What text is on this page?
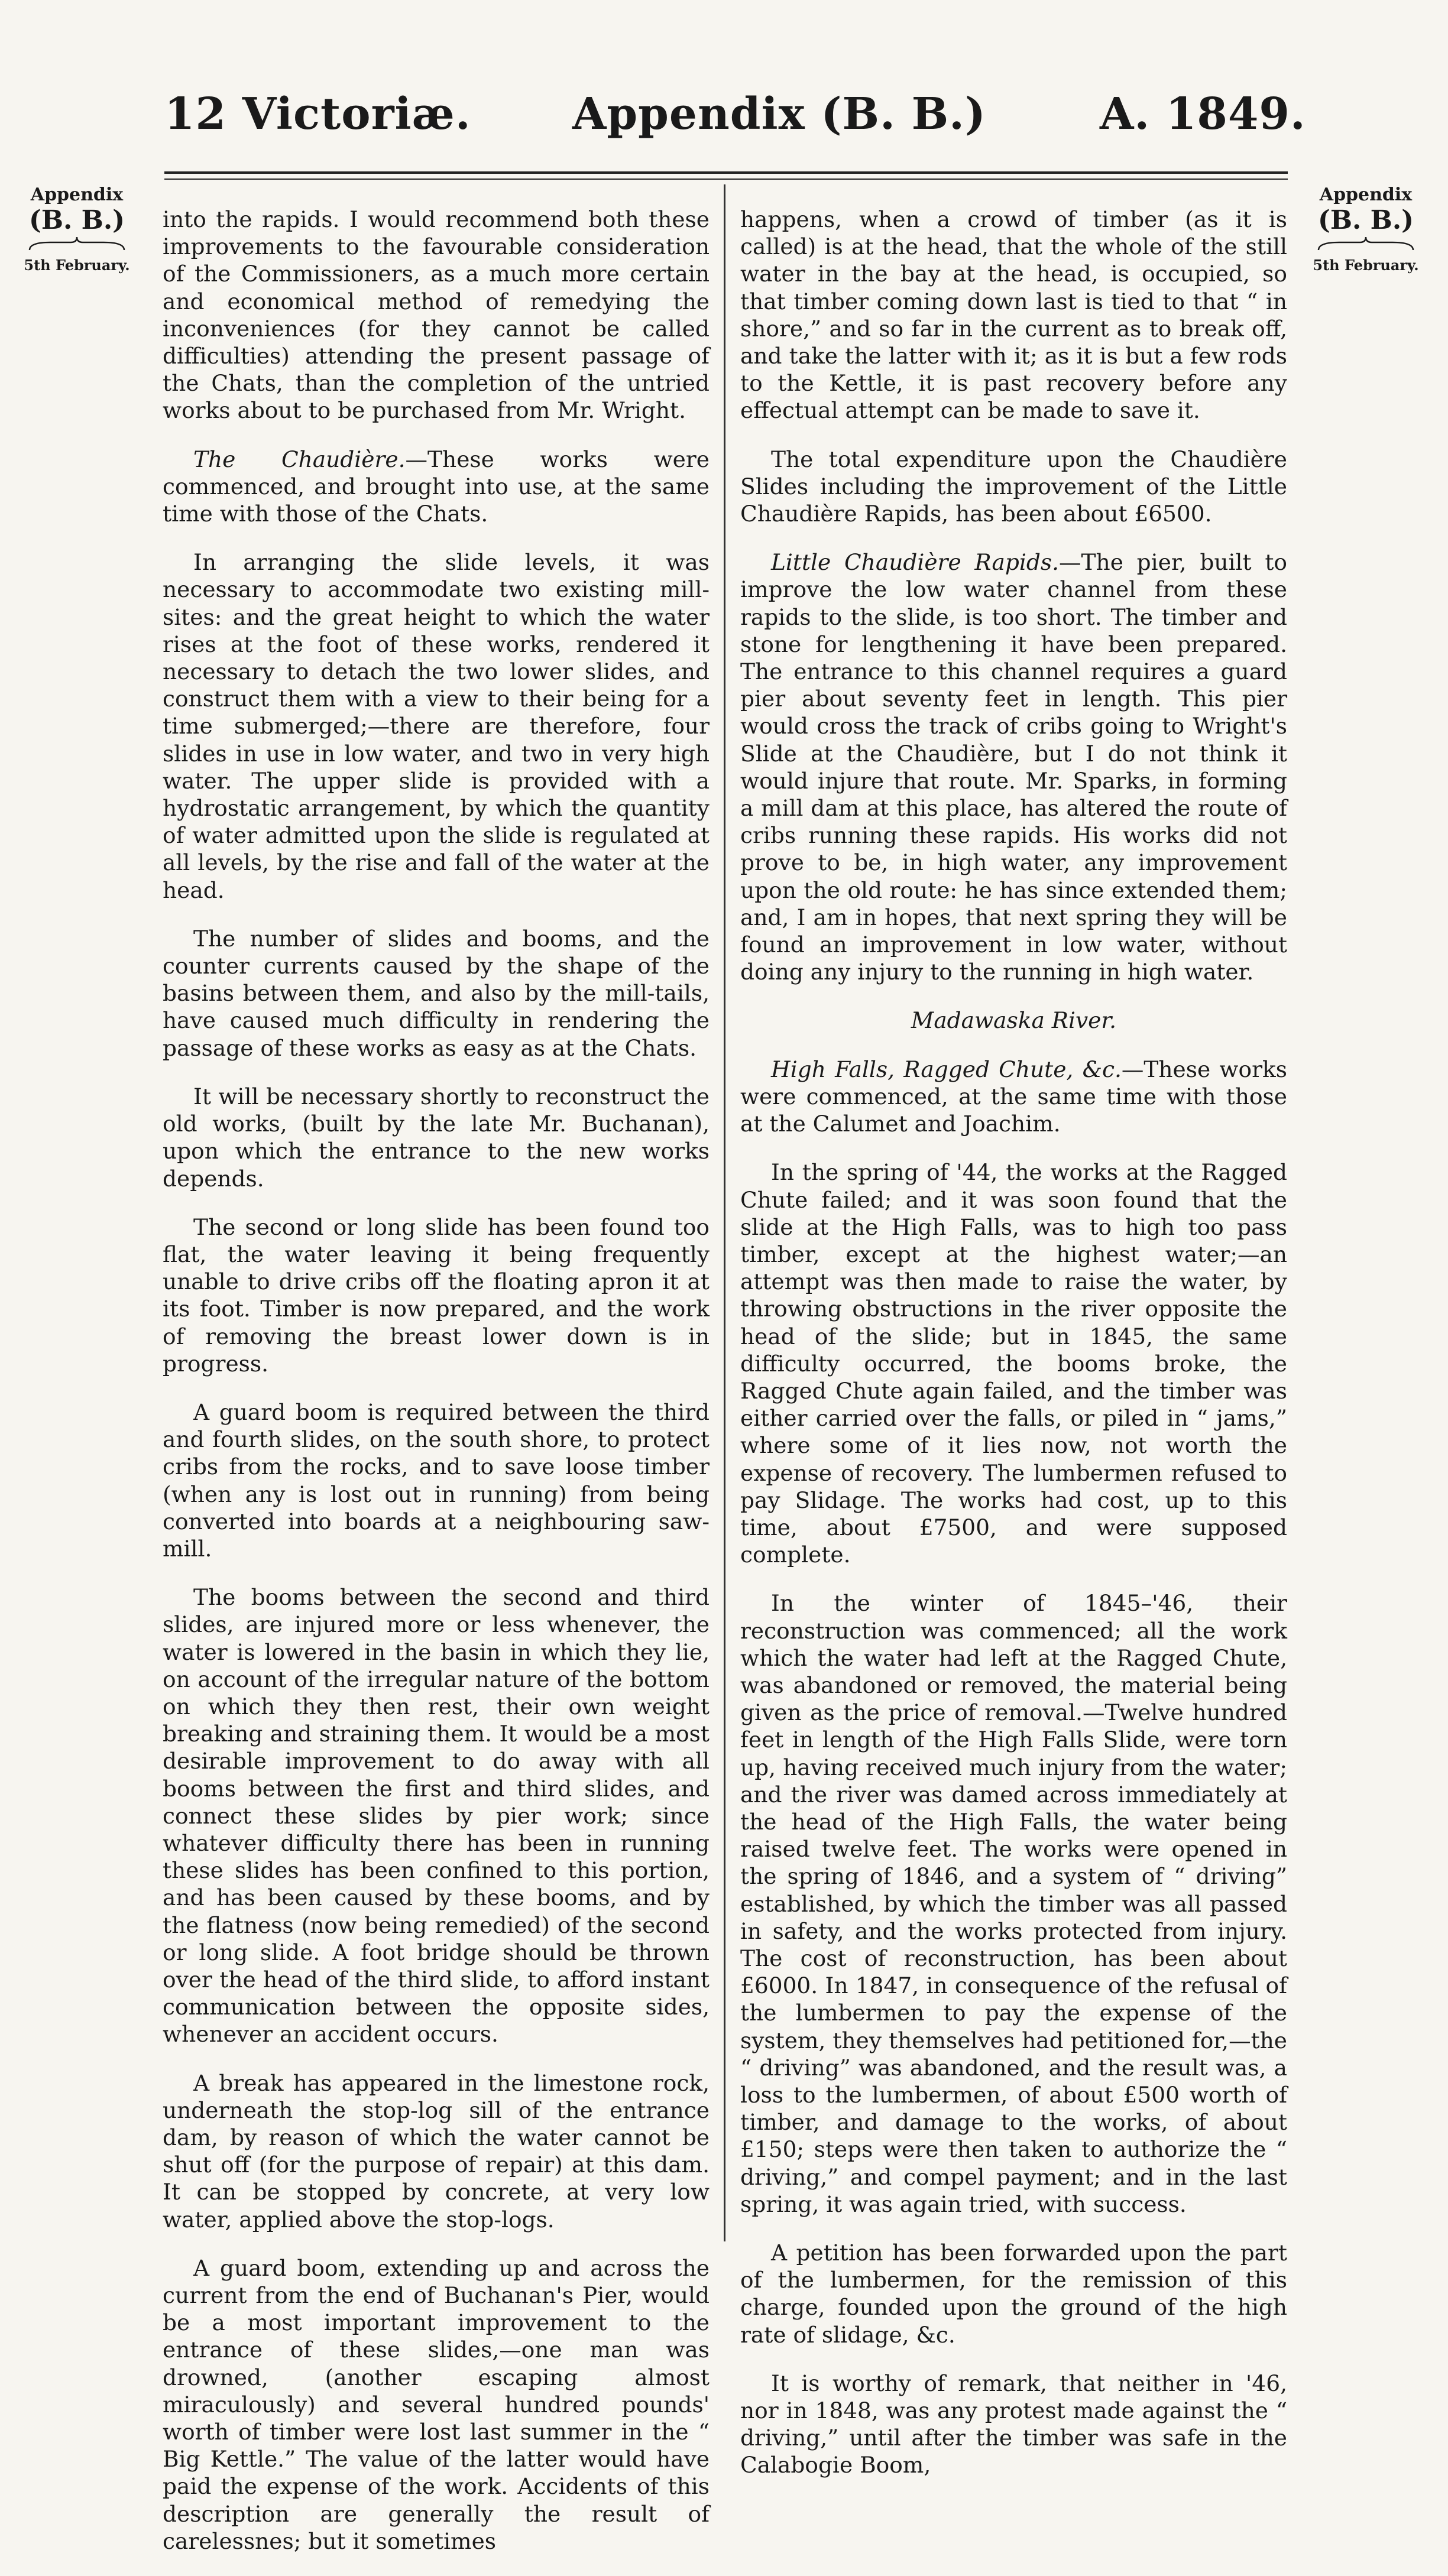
12 Victoriæ. Appendix (B. B.)	A. 1849.
Appendix
(B. B.)
5th February.
Appendix
(B. B.)
5th February.

into the rapids. I would recommend both these improvements to the favourable consideration of the Commissioners, as a much more certain and economical method of remedying the inconveniences (for they cannot be called difficulties) attending the present passage of the Chats, than the completion of the untried works about to be purchased from Mr. Wright.

The Chaudière.—These works were commenced, and brought into use, at the same time with those of the Chats.

In arranging the slide levels, it was necessary to accommodate two existing mill-sites: and the great height to which the water rises at the foot of these works, rendered it necessary to detach the two lower slides, and construct them with a view to their being for a time submerged;—there are therefore, four slides in use in low water, and two in very high water. The upper slide is provided with a hydrostatic arrangement, by which the quantity of water admitted upon the slide is regulated at all levels, by the rise and fall of the water at the head.

The number of slides and booms, and the counter currents caused by the shape of the basins between them, and also by the mill-tails, have caused much difficulty in rendering the passage of these works as easy as at the Chats.

It will be necessary shortly to reconstruct the old works, (built by the late Mr. Buchanan), upon which the entrance to the new works depends.

The second or long slide has been found too flat, the water leaving it being frequently unable to drive cribs off the floating apron it at its foot. Timber is now prepared, and the work of removing the breast lower down is in progress.

A guard boom is required between the third and fourth slides, on the south shore, to protect cribs from the rocks, and to save loose timber (when any is lost out in running) from being converted into boards at a neighbouring saw-mill.

The booms between the second and third slides, are injured more or less whenever, the water is lowered in the basin in which they lie, on account of the irregular nature of the bottom on which they then rest, their own weight breaking and straining them. It would be a most desirable improvement to do away with all booms between the first and third slides, and connect these slides by pier work; since whatever difficulty there has been in running these slides has been confined to this portion, and has been caused by these booms, and by the flatness (now being remedied) of the second or long slide. A foot bridge should be thrown over the head of the third slide, to afford instant communication between the opposite sides, whenever an accident occurs.

A break has appeared in the limestone rock, underneath the stop-log sill of the entrance dam, by reason of which the water cannot be shut off (for the purpose of repair) at this dam. It can be stopped by concrete, at very low water, applied above the stop-logs.

A guard boom, extending up and across the current from the end of Buchanan's Pier, would be a most important improvement to the entrance of these slides,—one man was drowned, (another escaping almost miraculously) and several hundred pounds' worth of timber were lost last summer in the “ Big Kettle.” The value of the latter would have paid the expense of the work. Accidents of this description are generally the result of carelessnes; but it sometimes

happens, when a crowd of timber (as it is called) is at the head, that the whole of the still water in the bay at the head, is occupied, so that timber coming down last is tied to that “ in shore,” and so far in the current as to break off, and take the latter with it; as it is but a few rods to the Kettle, it is past recovery before any effectual attempt can be made to save it.

The total expenditure upon the Chaudière Slides including the improvement of the Little Chaudière Rapids, has been about £6500.

Little Chaudière Rapids.—The pier, built to improve the low water channel from these rapids to the slide, is too short. The timber and stone for lengthening it have been prepared. The entrance to this channel requires a guard pier about seventy feet in length. This pier would cross the track of cribs going to Wright's Slide at the Chaudière, but I do not think it would injure that route. Mr. Sparks, in forming a mill dam at this place, has altered the route of cribs running these rapids. His works did not prove to be, in high water, any improvement upon the old route: he has since extended them; and, I am in hopes, that next spring they will be found an improvement in low water, without doing any injury to the running in high water.

Madawaska River.

High Falls, Ragged Chute, &c.—These works were commenced, at the same time with those at the Calumet and Joachim.

In the spring of '44, the works at the Ragged Chute failed; and it was soon found that the slide at the High Falls, was to high too pass timber, except at the highest water;—an attempt was then made to raise the water, by throwing obstructions in the river opposite the head of the slide; but in 1845, the same difficulty occurred, the booms broke, the Ragged Chute again failed, and the timber was either carried over the falls, or piled in “ jams,” where some of it lies now, not worth the expense of recovery. The lumbermen refused to pay Slidage. The works had cost, up to this time, about £7500, and were supposed complete.

In the winter of 1845–'46, their reconstruction was commenced; all the work which the water had left at the Ragged Chute, was abandoned or removed, the material being given as the price of removal.—Twelve hundred feet in length of the High Falls Slide, were torn up, having received much injury from the water; and the river was damed across immediately at the head of the High Falls, the water being raised twelve feet. The works were opened in the spring of 1846, and a system of “ driving” established, by which the timber was all passed in safety, and the works protected from injury. The cost of reconstruction, has been about £6000. In 1847, in consequence of the refusal of the lumbermen to pay the expense of the system, they themselves had petitioned for,—the “ driving” was abandoned, and the result was, a loss to the lumbermen, of about £500 worth of timber, and damage to the works, of about £150; steps were then taken to authorize the “ driving,” and compel payment; and in the last spring, it was again tried, with success.

A petition has been forwarded upon the part of the lumbermen, for the remission of this charge, founded upon the ground of the high rate of slidage, &c.

It is worthy of remark, that neither in '46, nor in 1848, was any protest made against the “ driving,” until after the timber was safe in the Calabogie Boom,
